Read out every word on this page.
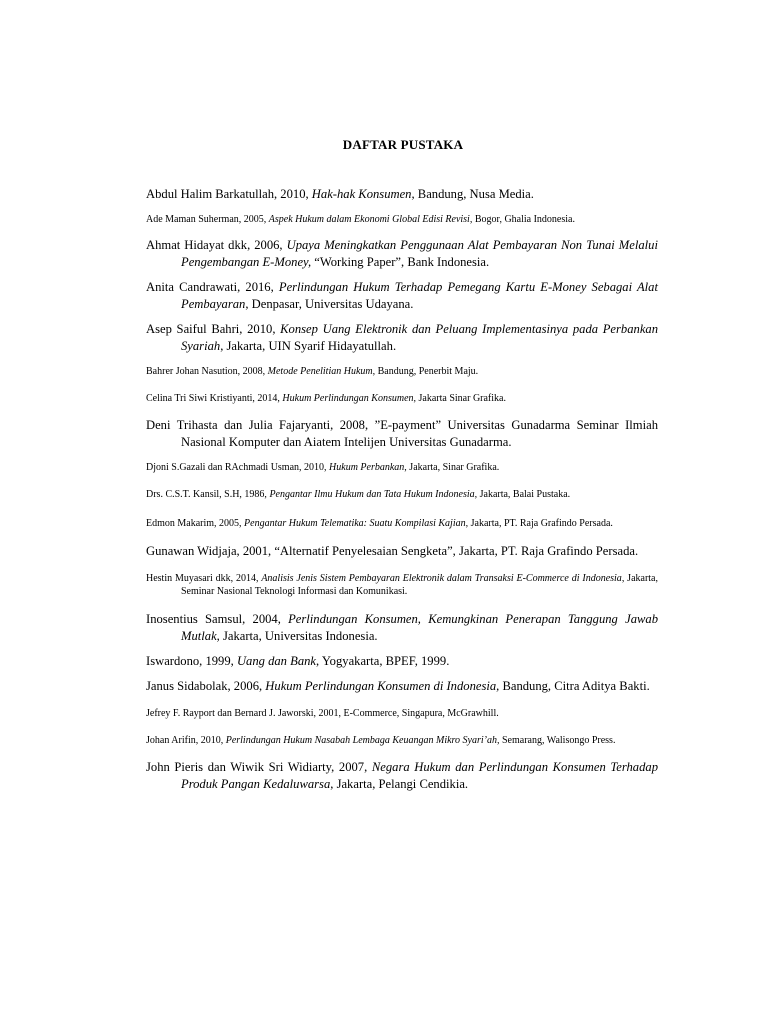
DAFTAR PUSTAKA

Abdul Halim Barkatullah, 2010, Hak-hak Konsumen, Bandung, Nusa Media.

Ade Maman Suherman, 2005, Aspek Hukum dalam Ekonomi Global Edisi Revisi, Bogor, Ghalia Indonesia.

Ahmat Hidayat dkk, 2006, Upaya Meningkatkan Penggunaan Alat Pembayaran Non Tunai Melalui Pengembangan E-Money, “Working Paper”, Bank Indonesia.

Anita Candrawati, 2016, Perlindungan Hukum Terhadap Pemegang Kartu E-Money Sebagai Alat Pembayaran, Denpasar, Universitas Udayana.

Asep Saiful Bahri, 2010, Konsep Uang Elektronik dan Peluang Implementasinya pada Perbankan Syariah, Jakarta, UIN Syarif Hidayatullah.

Bahrer Johan Nasution, 2008, Metode Penelitian Hukum, Bandung, Penerbit Maju.

Celina Tri Siwi Kristiyanti, 2014, Hukum Perlindungan Konsumen, Jakarta Sinar Grafika.

Deni Trihasta dan Julia Fajaryanti, 2008, ”E-payment” Universitas Gunadarma Seminar Ilmiah Nasional Komputer dan Aiatem Intelijen Universitas Gunadarma.

Djoni S.Gazali dan RAchmadi Usman, 2010, Hukum Perbankan, Jakarta, Sinar Grafika.

Drs. C.S.T. Kansil, S.H, 1986, Pengantar Ilmu Hukum dan Tata Hukum Indonesia, Jakarta, Balai Pustaka.

Edmon Makarim, 2005, Pengantar Hukum Telematika: Suatu Kompilasi Kajian, Jakarta, PT. Raja Grafindo Persada.

Gunawan Widjaja, 2001, “Alternatif Penyelesaian Sengketa”, Jakarta, PT. Raja Grafindo Persada.

Hestin Muyasari dkk, 2014, Analisis Jenis Sistem Pembayaran Elektronik dalam Transaksi E-Commerce di Indonesia, Jakarta, Seminar Nasional Teknologi Informasi dan Komunikasi.

Inosentius Samsul, 2004, Perlindungan Konsumen, Kemungkinan Penerapan Tanggung Jawab Mutlak, Jakarta, Universitas Indonesia.

Iswardono, 1999, Uang dan Bank, Yogyakarta, BPEF, 1999.

Janus Sidabolak, 2006, Hukum Perlindungan Konsumen di Indonesia, Bandung, Citra Aditya Bakti.

Jefrey F. Rayport dan Bernard J. Jaworski, 2001, E-Commerce, Singapura, McGrawhill.

Johan Arifin, 2010, Perlindungan Hukum Nasabah Lembaga Keuangan Mikro Syari’ah, Semarang, Walisongo Press.

John Pieris dan Wiwik Sri Widiarty, 2007, Negara Hukum dan Perlindungan Konsumen Terhadap Produk Pangan Kedaluwarsa, Jakarta, Pelangi Cendikia.
